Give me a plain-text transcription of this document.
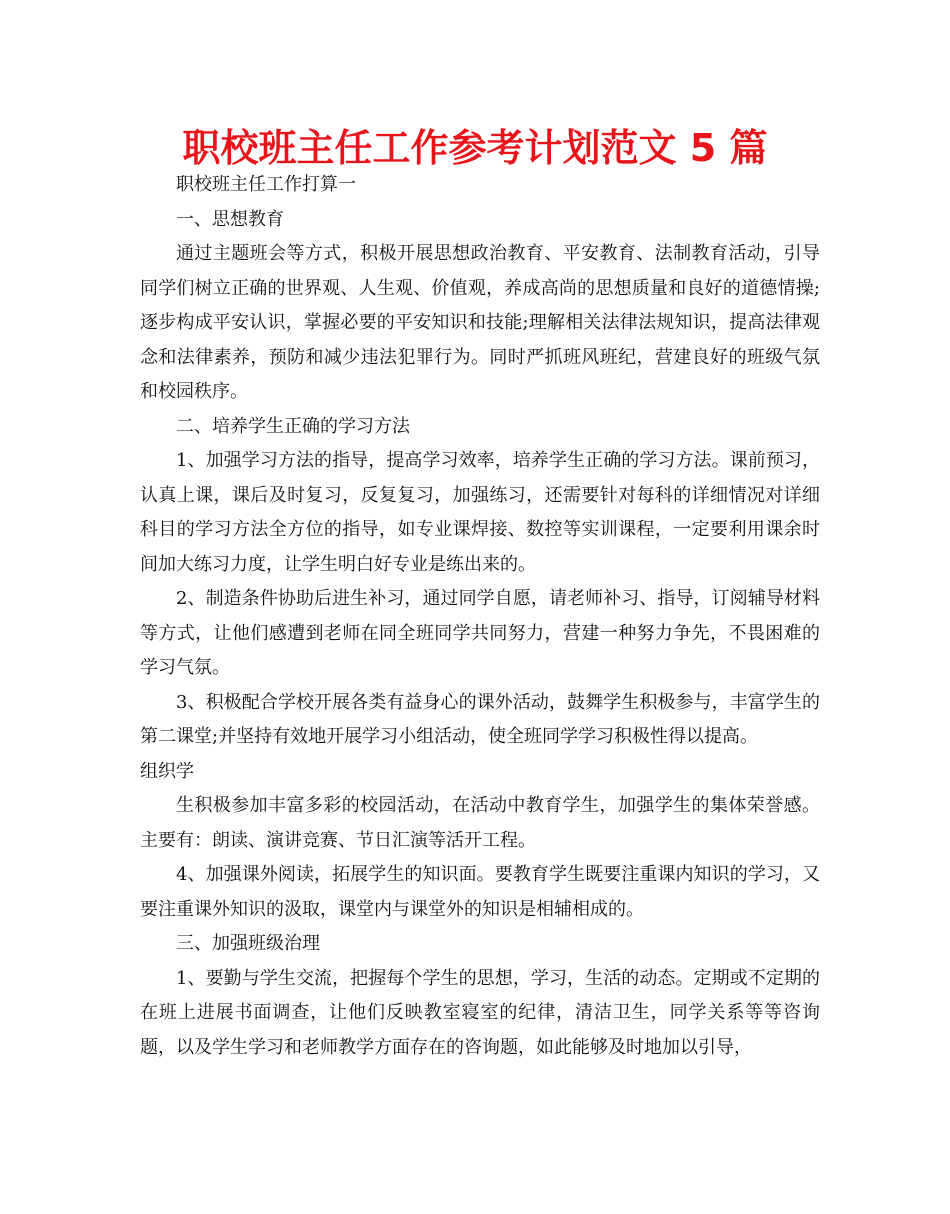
职校班主任工作参考计划范文 5 篇

职校班主任工作打算一

一、思想教育

通过主题班会等方式，积极开展思想政治教育、平安教育、法制教育活动，引导同学们树立正确的世界观、人生观、价值观，养成高尚的思想质量和良好的道德情操;逐步构成平安认识，掌握必要的平安知识和技能;理解相关法律法规知识，提高法律观念和法律素养，预防和减少违法犯罪行为。同时严抓班风班纪，营建良好的班级气氛和校园秩序。

二、培养学生正确的学习方法

1、加强学习方法的指导，提高学习效率，培养学生正确的学习方法。课前预习，认真上课，课后及时复习，反复复习，加强练习，还需要针对每科的详细情况对详细科目的学习方法全方位的指导，如专业课焊接、数控等实训课程，一定要利用课余时间加大练习力度，让学生明白好专业是练出来的。

2、制造条件协助后进生补习，通过同学自愿，请老师补习、指导，订阅辅导材料等方式，让他们感遭到老师在同全班同学共同努力，营建一种努力争先，不畏困难的学习气氛。

3、积极配合学校开展各类有益身心的课外活动，鼓舞学生积极参与，丰富学生的第二课堂;并坚持有效地开展学习小组活动，使全班同学学习积极性得以提高。

组织学

生积极参加丰富多彩的校园活动，在活动中教育学生，加强学生的集体荣誉感。主要有：朗读、演讲竞赛、节日汇演等活开工程。

4、加强课外阅读，拓展学生的知识面。要教育学生既要注重课内知识的学习，又要注重课外知识的汲取，课堂内与课堂外的知识是相辅相成的。

三、加强班级治理

1、要勤与学生交流，把握每个学生的思想，学习，生活的动态。定期或不定期的在班上进展书面调查，让他们反映教室寝室的纪律，清洁卫生，同学关系等等咨询题，以及学生学习和老师教学方面存在的咨询题，如此能够及时地加以引导，
